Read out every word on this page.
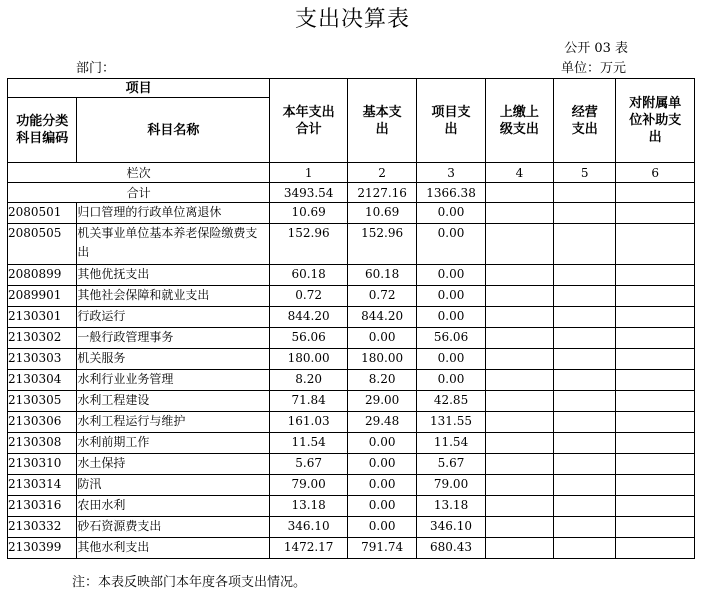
支出决算表
公开 03 表
部门：	单位：万元
项目		本年支出合计	基本支出	项目支出	上缴上级支出	经营支出	对附属单位补助支出

功能分类科目编码	科目名称						
栏次		1	2	3	4	5	6
合计		3493.54	2127.16	1366.38			
2080501	归口管理的行政单位离退休	10.69	10.69	0.00			
2080505	机关事业单位基本养老保险缴费支出	152.96	152.96	0.00			
2080899	其他优抚支出	60.18	60.18	0.00			
2089901	其他社会保障和就业支出	0.72	0.72	0.00			
2130301	行政运行	844.20	844.20	0.00			
2130302	一般行政管理事务	56.06	0.00	56.06			
2130303	机关服务	180.00	180.00	0.00			
2130304	水利行业业务管理	8.20	8.20	0.00			
2130305	水利工程建设	71.84	29.00	42.85			
2130306	水利工程运行与维护	161.03	29.48	131.55			
2130308	水利前期工作	11.54	0.00	11.54			
2130310	水土保持	5.67	0.00	5.67			
2130314	防汛	79.00	0.00	79.00			
2130316	农田水利	13.18	0.00	13.18			
2130332	砂石资源费支出	346.10	0.00	346.10			
2130399	其他水利支出	1472.17	791.74	680.43			
注：本表反映部门本年度各项支出情况。
